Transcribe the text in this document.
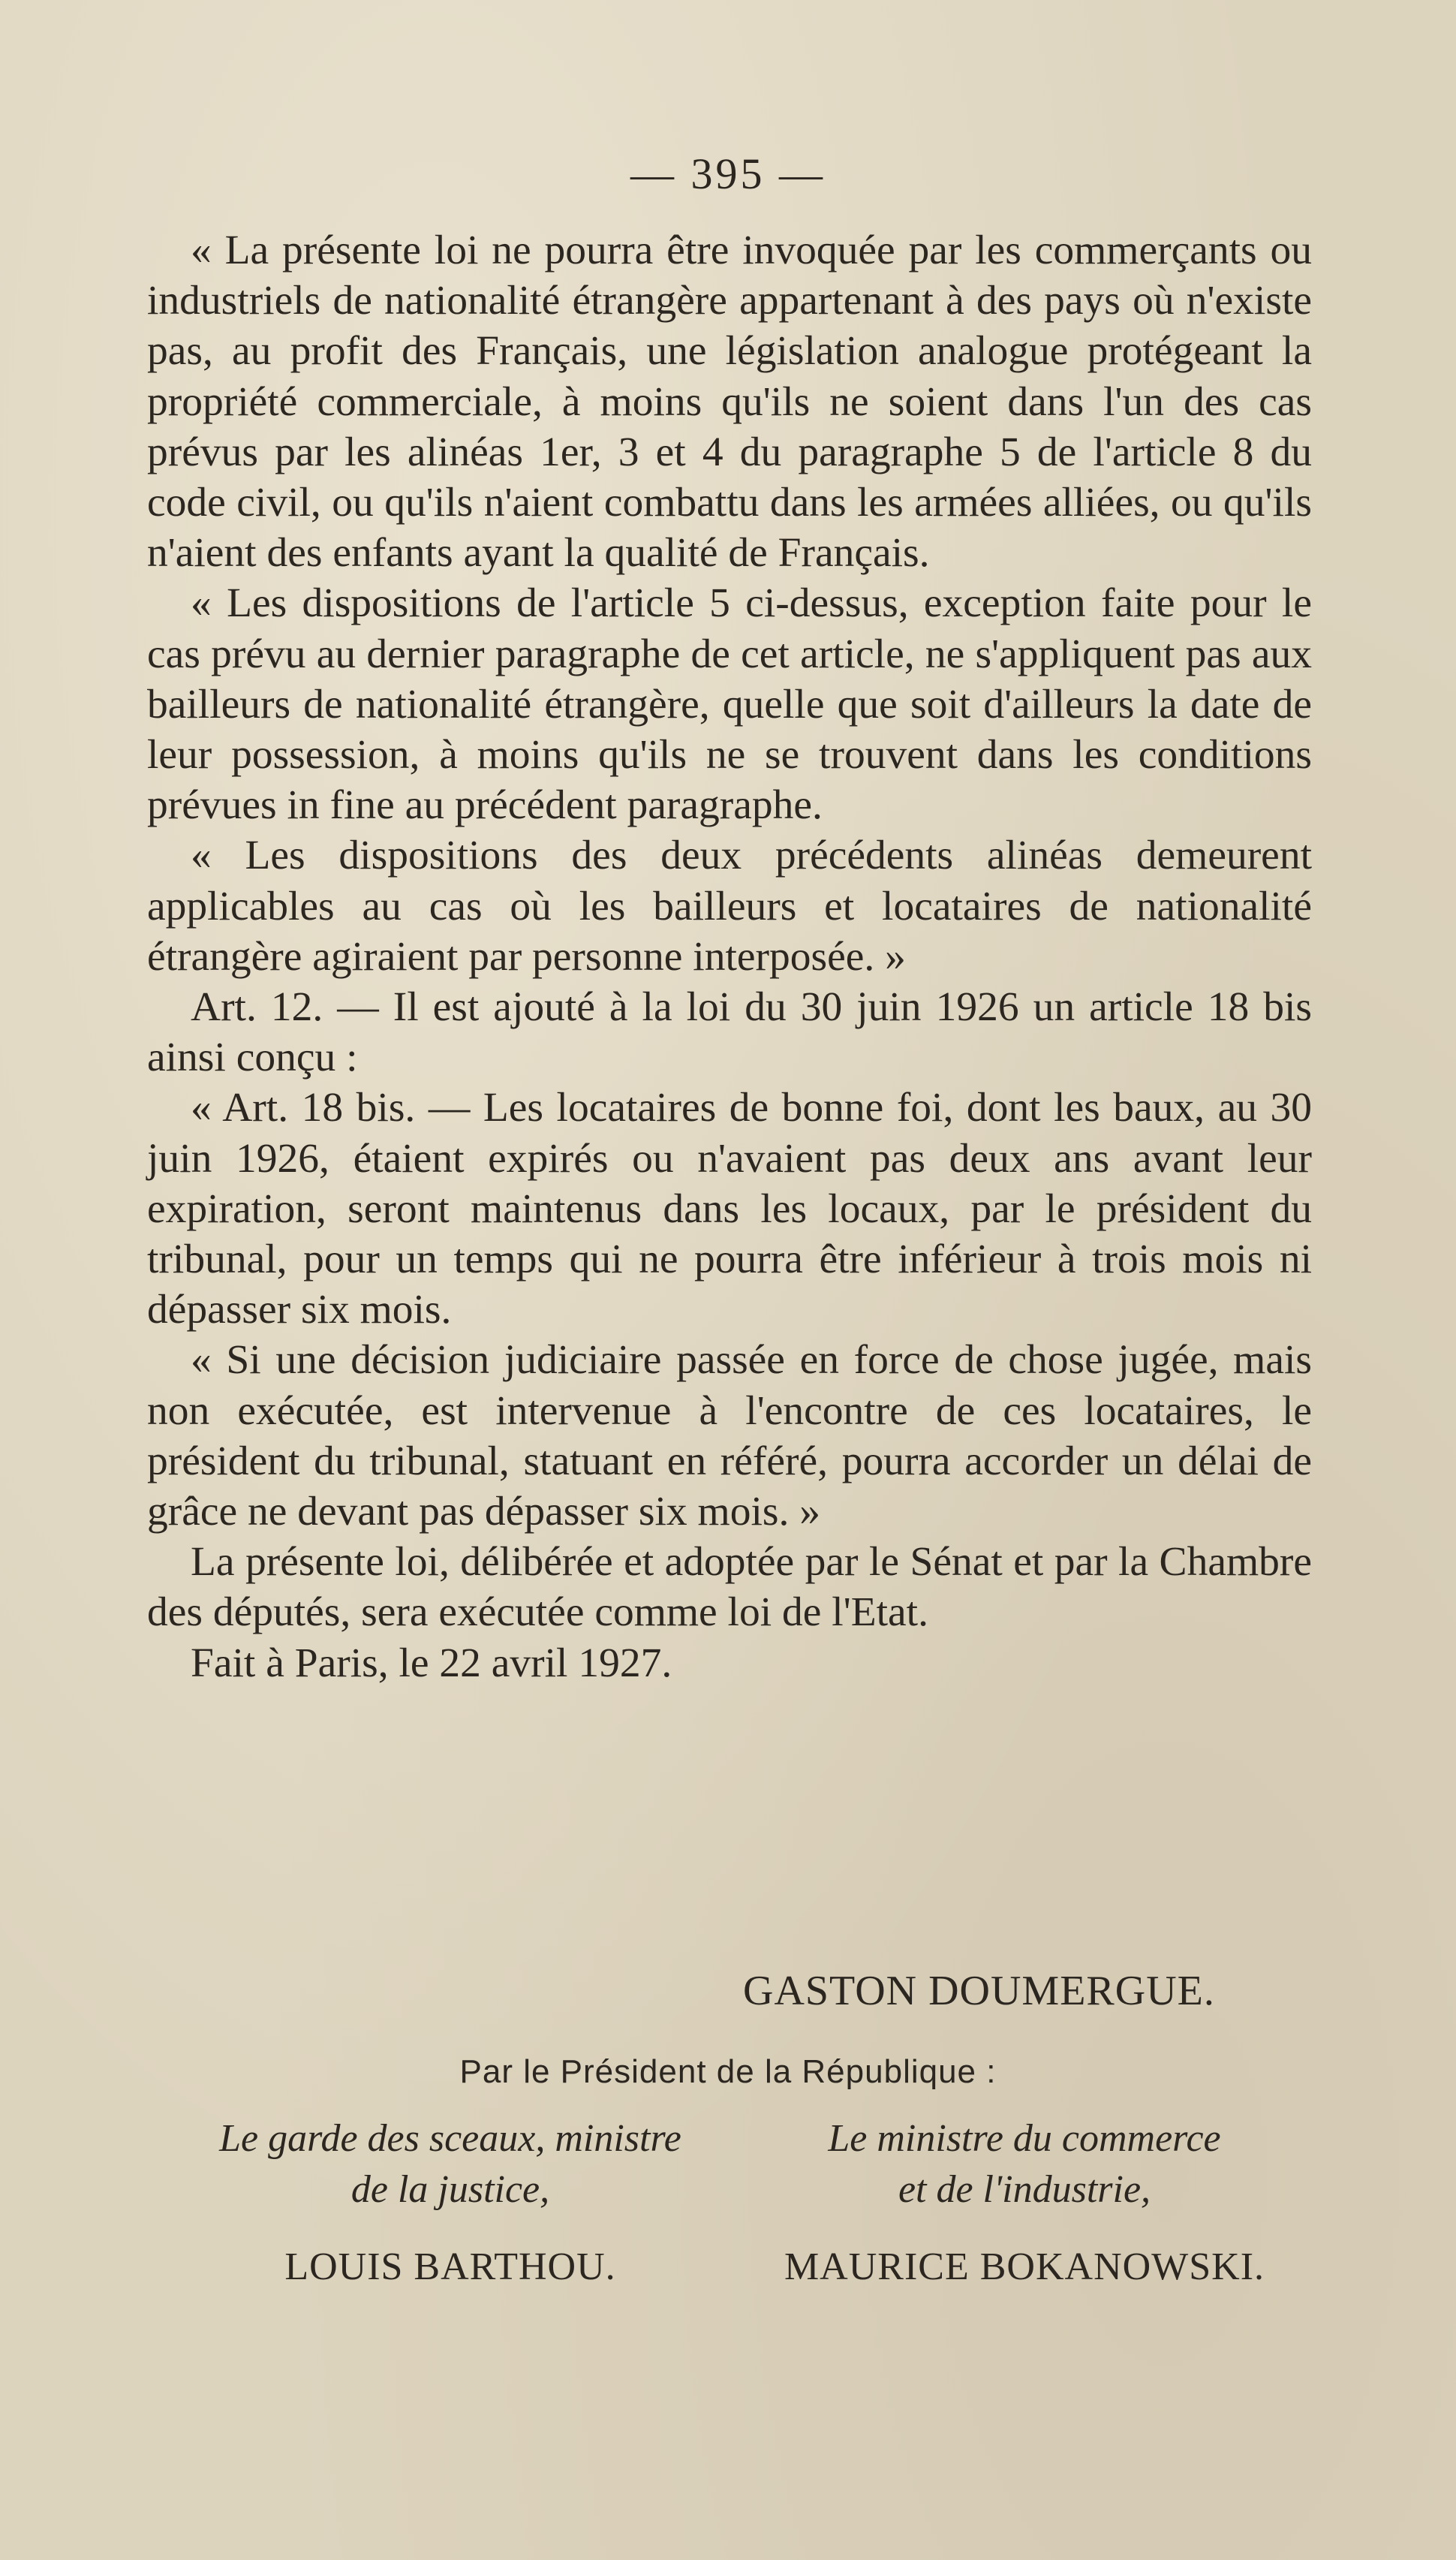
— 395 —

« La présente loi ne pourra être invoquée par les commerçants ou industriels de nationalité étrangère appartenant à des pays où n'existe pas, au profit des Français, une législation analogue protégeant la propriété commerciale, à moins qu'ils ne soient dans l'un des cas prévus par les alinéas 1er, 3 et 4 du paragraphe 5 de l'article 8 du code civil, ou qu'ils n'aient combattu dans les armées alliées, ou qu'ils n'aient des enfants ayant la qualité de Français.

« Les dispositions de l'article 5 ci-dessus, exception faite pour le cas prévu au dernier paragraphe de cet article, ne s'appliquent pas aux bailleurs de nationalité étrangère, quelle que soit d'ailleurs la date de leur possession, à moins qu'ils ne se trouvent dans les conditions prévues in fine au précédent paragraphe.

« Les dispositions des deux précédents alinéas demeurent applicables au cas où les bailleurs et locataires de nationalité étrangère agiraient par personne interposée. »

Art. 12. — Il est ajouté à la loi du 30 juin 1926 un article 18 bis ainsi conçu :

« Art. 18 bis. — Les locataires de bonne foi, dont les baux, au 30 juin 1926, étaient expirés ou n'avaient pas deux ans avant leur expiration, seront maintenus dans les locaux, par le président du tribunal, pour un temps qui ne pourra être inférieur à trois mois ni dépasser six mois.

« Si une décision judiciaire passée en force de chose jugée, mais non exécutée, est intervenue à l'encontre de ces locataires, le président du tribunal, statuant en référé, pourra accorder un délai de grâce ne devant pas dépasser six mois. »

La présente loi, délibérée et adoptée par le Sénat et par la Chambre des députés, sera exécutée comme loi de l'Etat.

Fait à Paris, le 22 avril 1927.

GASTON DOUMERGUE.
Par le Président de la République :
Le garde des sceaux, ministre
de la justice,
Le ministre du commerce
et de l'industrie,
LOUIS BARTHOU.	MAURICE BOKANOWSKI.
